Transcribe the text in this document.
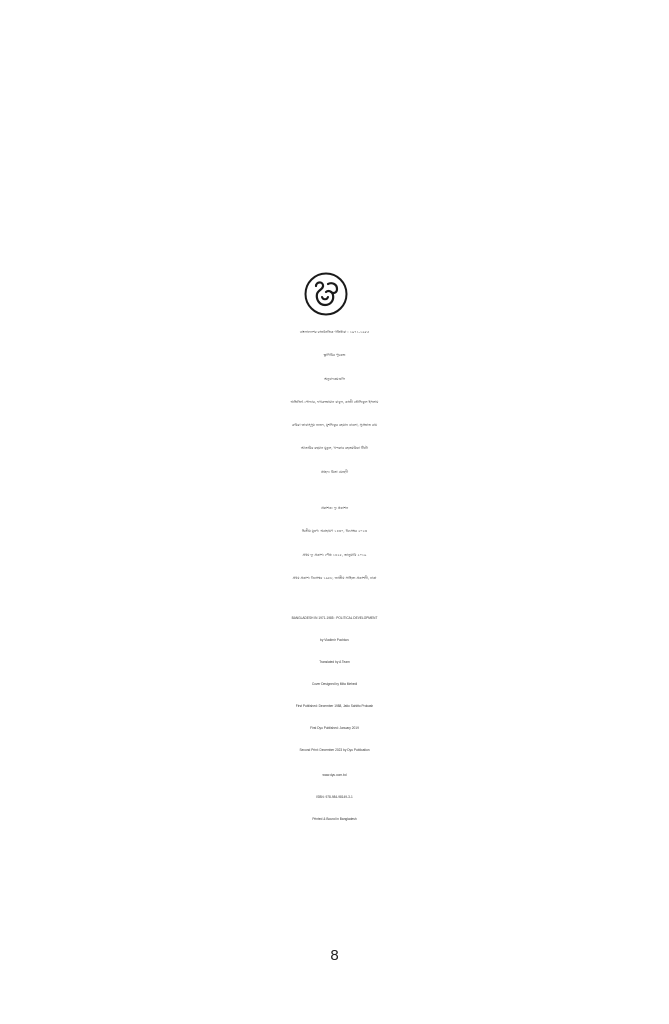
বাংলাদেশের রাজনৈতিক গতিধারা : ১৯৭১-১৯৮৫
ভ্লাদিমির পুচকভ
অনুবাদকমণ্ডলি
অভিজিৎ পোদ্দার, ফখরুজ্জামান বাবুল, কাজী তৌফিকুল ইসলাম
রুচিরা তাবাস্সুম নভেদ, মুশফিকুর রহমান বাবলা, সুপ্রভাত রায়
আতাউর রহমান মুকুল, খন্দকার রহতমউল্লা টিটো
প্রচ্ছদ: মিতা মেহেদী
প্রকাশক: দ্যু প্রকাশন
দ্বিতীয় মুদ্রণ: অগ্রহায়ণ ১৪৩০, ডিসেম্বর ২০২৩
প্রথম দ্যু প্রকাশ: পৌষ ১৪২৫, জানুয়ারি ২০১৯
প্রথম প্রকাশ: ডিসেম্বর ১৯৮৮, জাতীয় সাহিত্য প্রকাশনী, ঢাকা
BANGLADESH IN 1971-1985 : POLITICAL DEVELOPMENT
by Vladimir Puchkov
Translated by A Team
Cover Designed by Mita Mehedi
First Published: December 1988, Jatio Sahitto Prokash
First Dyu Published: January 2019
Second Print: December 2023 by Dyu Publication
www.dyu.com.bd
ISBN: 978-984-98149-3-1
Printed & Bound in Bangladesh
8
